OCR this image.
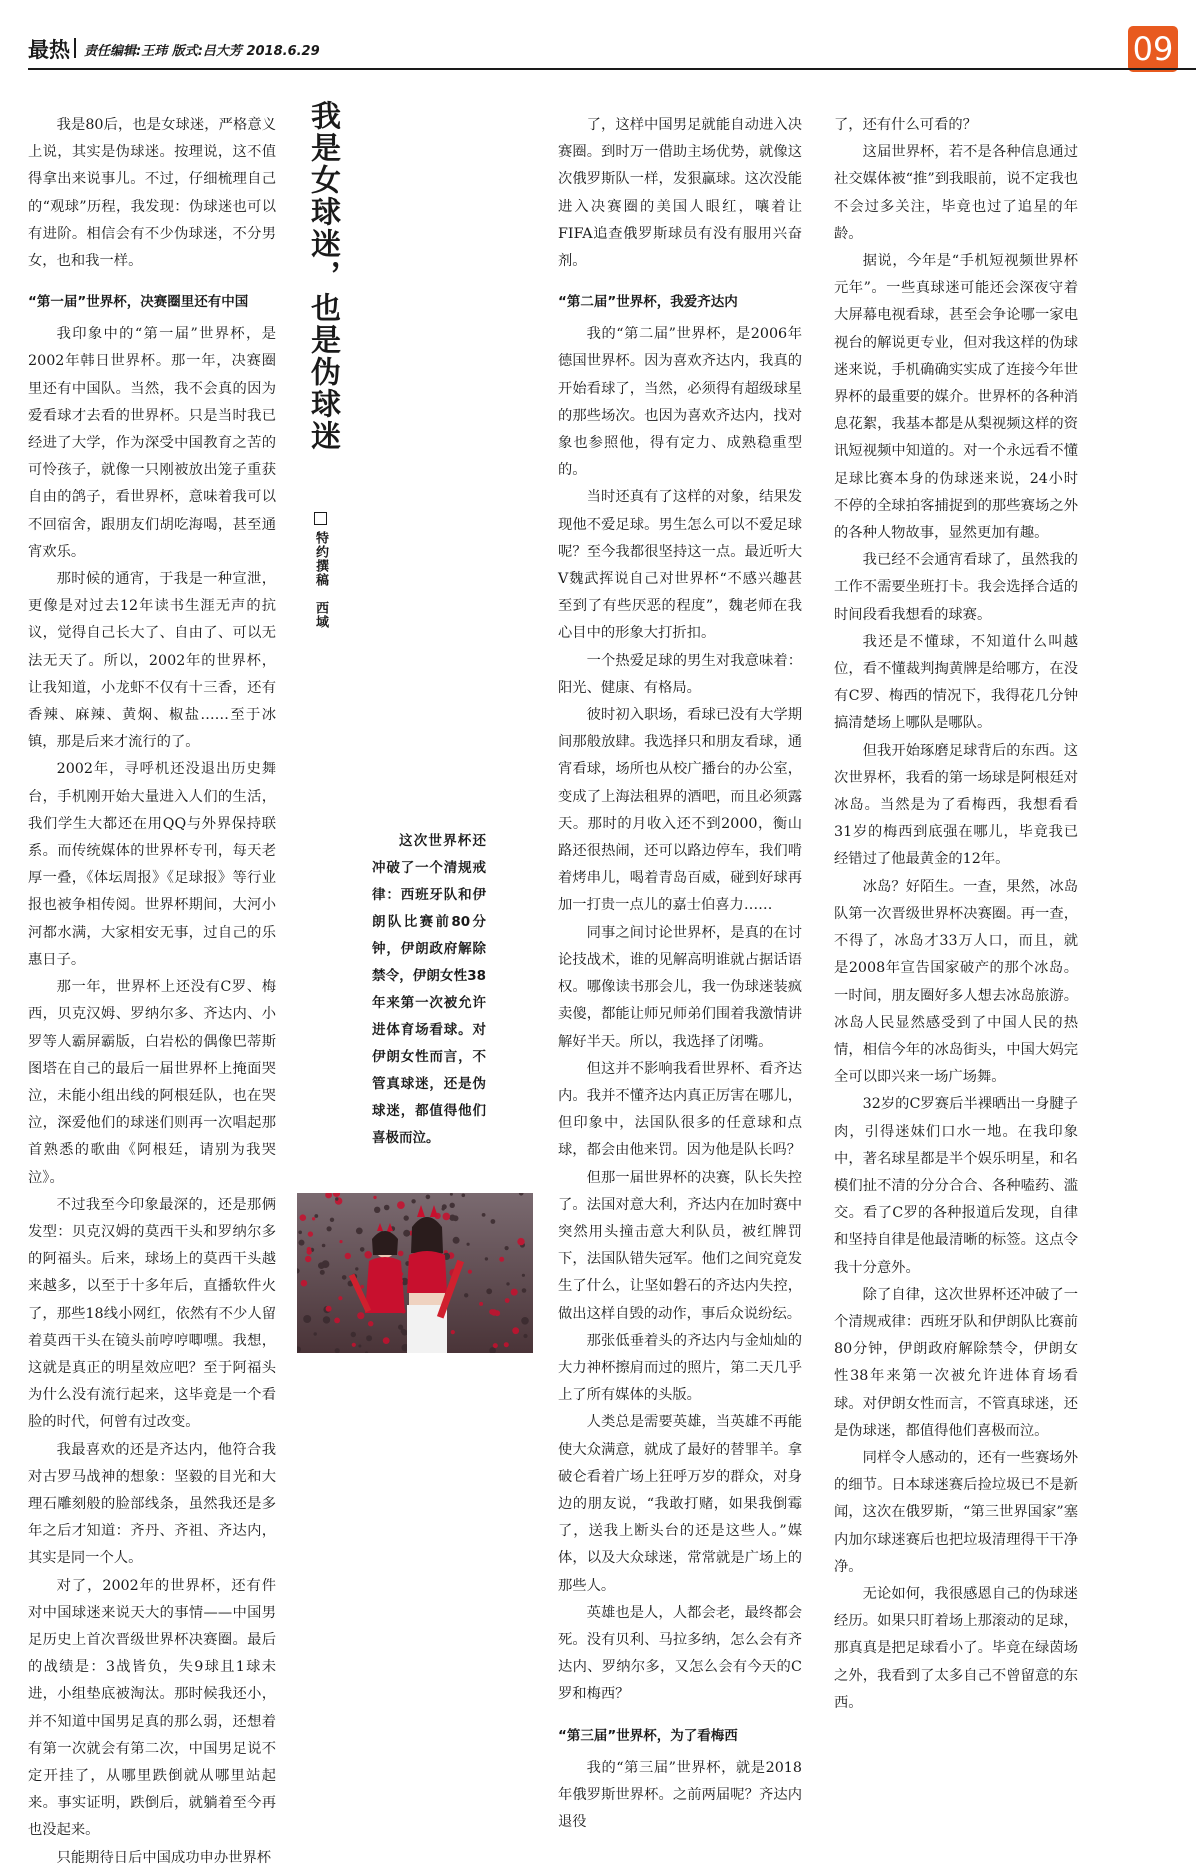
最热 责任编辑:王玮 版式:吕大芳 2018.6.29	09

我是80后，也是女球迷，严格意义上说，其实是伪球迷。按理说，这不值得拿出来说事儿。不过，仔细梳理自己的“观球”历程，我发现：伪球迷也可以有进阶。相信会有不少伪球迷，不分男女，也和我一样。

“第一届”世界杯，决赛圈里还有中国

我印象中的“第一届”世界杯，是2002年韩日世界杯。那一年，决赛圈里还有中国队。当然，我不会真的因为爱看球才去看的世界杯。只是当时我已经进了大学，作为深受中国教育之苦的可怜孩子，就像一只刚被放出笼子重获自由的鸽子，看世界杯，意味着我可以不回宿舍，跟朋友们胡吃海喝，甚至通宵欢乐。

那时候的通宵，于我是一种宣泄，更像是对过去12年读书生涯无声的抗议，觉得自己长大了、自由了、可以无法无天了。所以，2002年的世界杯，让我知道，小龙虾不仅有十三香，还有香辣、麻辣、黄焖、椒盐……至于冰镇，那是后来才流行的了。

2002年，寻呼机还没退出历史舞台，手机刚开始大量进入人们的生活，我们学生大都还在用QQ与外界保持联系。而传统媒体的世界杯专刊，每天老厚一叠，《体坛周报》《足球报》等行业报也被争相传阅。世界杯期间，大河小河都水满，大家相安无事，过自己的乐惠日子。

那一年，世界杯上还没有C罗、梅西，贝克汉姆、罗纳尔多、齐达内、小罗等人霸屏霸版，白岩松的偶像巴蒂斯图塔在自己的最后一届世界杯上掩面哭泣，未能小组出线的阿根廷队，也在哭泣，深爱他们的球迷们则再一次唱起那首熟悉的歌曲《阿根廷，请别为我哭泣》。

不过我至今印象最深的，还是那俩发型：贝克汉姆的莫西干头和罗纳尔多的阿福头。后来，球场上的莫西干头越来越多，以至于十多年后，直播软件火了，那些18线小网红，依然有不少人留着莫西干头在镜头前哼哼唧嘿。我想，这就是真正的明星效应吧？至于阿福头为什么没有流行起来，这毕竟是一个看脸的时代，何曾有过改变。

我最喜欢的还是齐达内，他符合我对古罗马战神的想象：坚毅的目光和大理石雕刻般的脸部线条，虽然我还是多年之后才知道：齐丹、齐祖、齐达内，其实是同一个人。

对了，2002年的世界杯，还有件对中国球迷来说天大的事情——中国男足历史上首次晋级世界杯决赛圈。最后的战绩是：3战皆负，失9球且1球未进，小组垫底被淘汰。那时候我还小，并不知道中国男足真的那么弱，还想着有第一次就会有第二次，中国男足说不定开挂了，从哪里跌倒就从哪里站起来。事实证明，跌倒后，就躺着至今再也没起来。

只能期待日后中国成功申办世界杯

我是女球迷，也是伪球迷
特约撰稿　西域
这次世界杯还冲破了一个清规戒律：西班牙队和伊朗队比赛前80分钟，伊朗政府解除禁令，伊朗女性38年来第一次被允许进体育场看球。对伊朗女性而言，不管真球迷，还是伪球迷，都值得他们喜极而泣。

了，这样中国男足就能自动进入决赛圈。到时万一借助主场优势，就像这次俄罗斯队一样，发狠赢球。这次没能进入决赛圈的美国人眼红，嚷着让FIFA追查俄罗斯球员有没有服用兴奋剂。

“第二届”世界杯，我爱齐达内

我的“第二届”世界杯，是2006年德国世界杯。因为喜欢齐达内，我真的开始看球了，当然，必须得有超级球星的那些场次。也因为喜欢齐达内，找对象也参照他，得有定力、成熟稳重型的。

当时还真有了这样的对象，结果发现他不爱足球。男生怎么可以不爱足球呢？至今我都很坚持这一点。最近听大V魏武挥说自己对世界杯“不感兴趣甚至到了有些厌恶的程度”，魏老师在我心目中的形象大打折扣。

一个热爱足球的男生对我意味着：阳光、健康、有格局。

彼时初入职场，看球已没有大学期间那般放肆。我选择只和朋友看球，通宵看球，场所也从校广播台的办公室，变成了上海法租界的酒吧，而且必须露天。那时的月收入还不到2000，衡山路还很热闹，还可以路边停车，我们啃着烤串儿，喝着青岛百威，碰到好球再加一打贵一点儿的嘉士伯喜力……

同事之间讨论世界杯，是真的在讨论技战术，谁的见解高明谁就占据话语权。哪像读书那会儿，我一伪球迷装疯卖傻，都能让师兄师弟们围着我激情讲解好半天。所以，我选择了闭嘴。

但这并不影响我看世界杯、看齐达内。我并不懂齐达内真正厉害在哪儿，但印象中，法国队很多的任意球和点球，都会由他来罚。因为他是队长吗？

但那一届世界杯的决赛，队长失控了。法国对意大利，齐达内在加时赛中突然用头撞击意大利队员，被红牌罚下，法国队错失冠军。他们之间究竟发生了什么，让坚如磐石的齐达内失控，做出这样自毁的动作，事后众说纷纭。

那张低垂着头的齐达内与金灿灿的大力神杯擦肩而过的照片，第二天几乎上了所有媒体的头版。

人类总是需要英雄，当英雄不再能使大众满意，就成了最好的替罪羊。拿破仑看着广场上狂呼万岁的群众，对身边的朋友说，“我敢打赌，如果我倒霉了，送我上断头台的还是这些人。”媒体，以及大众球迷，常常就是广场上的那些人。

英雄也是人，人都会老，最终都会死。没有贝利、马拉多纳，怎么会有齐达内、罗纳尔多，又怎么会有今天的C罗和梅西？

“第三届”世界杯，为了看梅西

我的“第三届”世界杯，就是2018年俄罗斯世界杯。之前两届呢？齐达内退役

了，还有什么可看的？

这届世界杯，若不是各种信息通过社交媒体被“推”到我眼前，说不定我也不会过多关注，毕竟也过了追星的年龄。

据说，今年是“手机短视频世界杯元年”。一些真球迷可能还会深夜守着大屏幕电视看球，甚至会争论哪一家电视台的解说更专业，但对我这样的伪球迷来说，手机确确实实成了连接今年世界杯的最重要的媒介。世界杯的各种消息花絮，我基本都是从梨视频这样的资讯短视频中知道的。对一个永远看不懂足球比赛本身的伪球迷来说，24小时不停的全球拍客捕捉到的那些赛场之外的各种人物故事，显然更加有趣。

我已经不会通宵看球了，虽然我的工作不需要坐班打卡。我会选择合适的时间段看我想看的球赛。

我还是不懂球，不知道什么叫越位，看不懂裁判掏黄牌是给哪方，在没有C罗、梅西的情况下，我得花几分钟搞清楚场上哪队是哪队。

但我开始琢磨足球背后的东西。这次世界杯，我看的第一场球是阿根廷对冰岛。当然是为了看梅西，我想看看31岁的梅西到底强在哪儿，毕竟我已经错过了他最黄金的12年。

冰岛？好陌生。一查，果然，冰岛队第一次晋级世界杯决赛圈。再一查，不得了，冰岛才33万人口，而且，就是2008年宣告国家破产的那个冰岛。一时间，朋友圈好多人想去冰岛旅游。冰岛人民显然感受到了中国人民的热情，相信今年的冰岛街头，中国大妈完全可以即兴来一场广场舞。

32岁的C罗赛后半裸晒出一身腱子肉，引得迷妹们口水一地。在我印象中，著名球星都是半个娱乐明星，和名模们扯不清的分分合合、各种嗑药、滥交。看了C罗的各种报道后发现，自律和坚持自律是他最清晰的标签。这点令我十分意外。

除了自律，这次世界杯还冲破了一个清规戒律：西班牙队和伊朗队比赛前80分钟，伊朗政府解除禁令，伊朗女性38年来第一次被允许进体育场看球。对伊朗女性而言，不管真球迷，还是伪球迷，都值得他们喜极而泣。

同样令人感动的，还有一些赛场外的细节。日本球迷赛后捡垃圾已不是新闻，这次在俄罗斯，“第三世界国家”塞内加尔球迷赛后也把垃圾清理得干干净净。

无论如何，我很感恩自己的伪球迷经历。如果只盯着场上那滚动的足球，那真真是把足球看小了。毕竟在绿茵场之外，我看到了太多自己不曾留意的东西。
